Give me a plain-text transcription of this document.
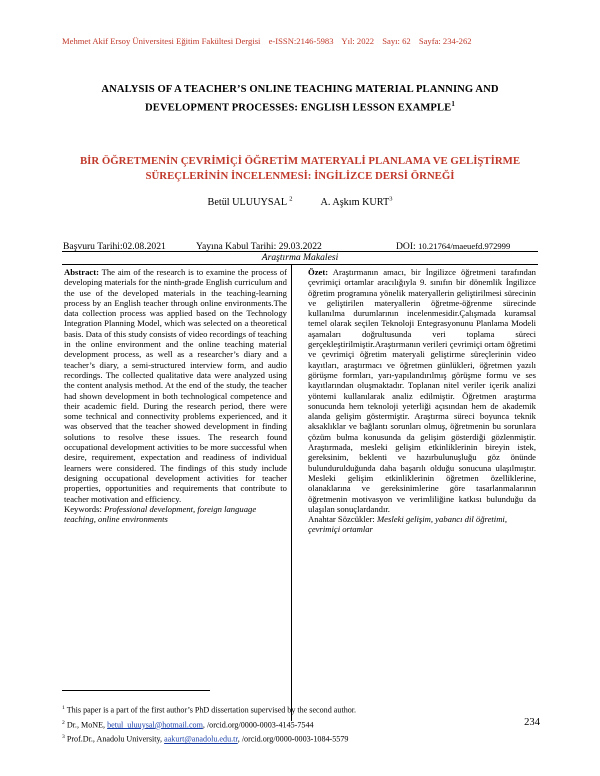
Mehmet Akif Ersoy Üniversitesi Eğitim Fakültesi Dergisi e-ISSN:2146-5983 Yıl: 2022 Sayı: 62 Sayfa: 234-262
ANALYSIS OF A TEACHER’S ONLINE TEACHING MATERIAL PLANNING AND DEVELOPMENT PROCESSES: ENGLISH LESSON EXAMPLE$^1$
BİR ÖĞRETMENİN ÇEVRİMİÇİ ÖĞRETİM MATERYALİ PLANLAMA VE GELİŞTİRME SÜREÇLERİNİN İNCELENMESİ: İNGİLİZCE DERSİ ÖRNEĞİ
Betül ULUUYSAL $^2$	A. Aşkım KURT$^3$
Başvuru Tarihi:02.08.2021	Yayına Kabul Tarihi: 29.03.2022	DOI: 10.21764/maeuefd.972999
Araştırma Makalesi

Abstract: The aim of the research is to examine the process of developing materials for the ninth-grade English curriculum and the use of the developed materials in the teaching-learning process by an English teacher through online environments.The data collection process was applied based on the Technology Integration Planning Model, which was selected on a theoretical basis. Data of this study consists of video recordings of teaching in the online environment and the online teaching material development process, as well as a researcher’s diary and a teacher’s diary, a semi-structured interview form, and audio recordings. The collected qualitative data were analyzed using the content analysis method. At the end of the study, the teacher had shown development in both technological competence and their academic field. During the research period, there were some technical and connectivity problems experienced, and it was observed that the teacher showed development in finding solutions to resolve these issues. The research found occupational development activities to be more successful when desire, requirement, expectation and readiness of individual learners were considered. The findings of this study include designing occupational development activities for teacher properties, opportunities and requirements that contribute to teacher motivation and efficiency.

Keywords: Professional development, foreign language teaching, online environments

Özet: Araştırmanın amacı, bir İngilizce öğretmeni tarafından çevrimiçi ortamlar aracılığıyla 9. sınıfın bir dönemlik İngilizce öğretim programına yönelik materyallerin geliştirilmesi sürecinin ve geliştirilen materyallerin öğretme-öğrenme sürecinde kullanılma durumlarının incelenmesidir.Çalışmada kuramsal temel olarak seçilen Teknoloji Entegrasyonunu Planlama Modeli aşamaları doğrultusunda veri toplama süreci gerçekleştirilmiştir.Araştırmanın verileri çevrimiçi ortam öğretimi ve çevrimiçi öğretim materyali geliştirme süreçlerinin video kayıtları, araştırmacı ve öğretmen günlükleri, öğretmen yazılı görüşme formları, yarı-yapılandırılmış görüşme formu ve ses kayıtlarından oluşmaktadır. Toplanan nitel veriler içerik analizi yöntemi kullanılarak analiz edilmiştir. Öğretmen araştırma sonucunda hem teknoloji yeterliği açısından hem de akademik alanda gelişim göstermiştir. Araştırma süreci boyunca teknik aksaklıklar ve bağlantı sorunları olmuş, öğretmenin bu sorunlara çözüm bulma konusunda da gelişim gösterdiği gözlenmiştir. Araştırmada, mesleki gelişim etkinliklerinin bireyin istek, gereksinim, beklenti ve hazırbulunuşluğu göz önünde bulundurulduğunda daha başarılı olduğu sonucuna ulaşılmıştır. Mesleki gelişim etkinliklerinin öğretmen özelliklerine, olanaklarına ve gereksinimlerine göre tasarlanmalarının öğretmenin motivasyon ve verimliliğine katkısı bulunduğu da ulaşılan sonuçlardandır.

Anahtar Sözcükler: Mesleki gelişim, yabancı dil öğretimi, çevrimiçi ortamlar

$^1$ This paper is a part of the first author’s PhD dissertation supervised by the second author.
$^2$ Dr., MoNE, betul_uluuysal@hotmail.com, /orcid.org/0000-0003-4145-7544
$^3$ Prof.Dr., Anadolu University, aakurt@anadolu.edu.tr, /orcid.org/0000-0003-1084-5579
234
